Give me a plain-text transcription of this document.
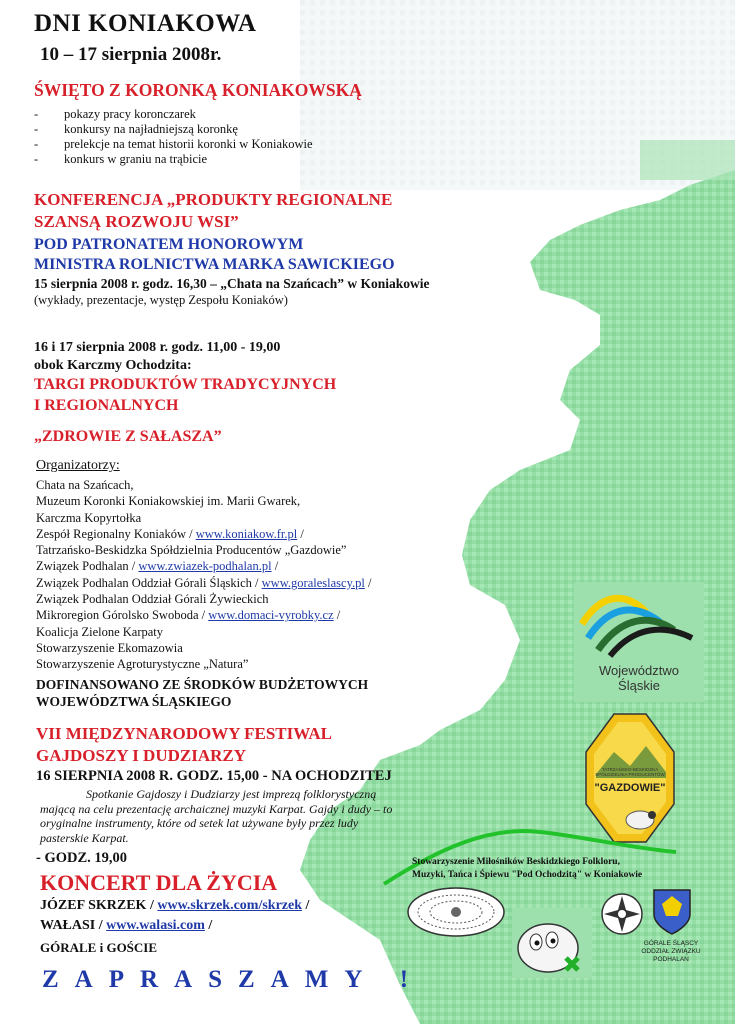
DNI KONIAKOWA
10 – 17 sierpnia 2008r.
ŚWIĘTO Z KORONKĄ KONIAKOWSKĄ
- pokazy pracy koronczarek
- konkursy na najładniejszą koronkę
- prelekcje na temat historii koronki w Koniakowie
- konkurs w graniu na trąbicie
KONFERENCJA „PRODUKTY REGIONALNE
SZANSĄ ROZWOJU WSI”
POD PATRONATEM HONOROWYM
MINISTRA ROLNICTWA MARKA SAWICKIEGO
15 sierpnia 2008 r. godz. 16,30 – „Chata na Szańcach” w Koniakowie
(wykłady, prezentacje, występ Zespołu Koniaków)
16 i 17 sierpnia 2008 r. godz. 11,00 - 19,00
obok Karczmy Ochodzita:
TARGI PRODUKTÓW TRADYCYJNYCH
I REGIONALNYCH
„ZDROWIE Z SAŁASZA”
Organizatorzy:
Chata na Szańcach,
Muzeum Koronki Koniakowskiej im. Marii Gwarek,
Karczma Kopyrtołka
Zespół Regionalny Koniaków / www.koniakow.fr.pl /
Tatrzańsko-Beskidzka Spółdzielnia Producentów „Gazdowie”
Związek Podhalan / www.zwiazek-podhalan.pl /
Związek Podhalan Oddział Górali Śląskich / www.goraleslascy.pl /
Związek Podhalan Oddział Górali Żywieckich
Mikroregion Górolsko Swoboda / www.domaci-vyrobky.cz /
Koalicja Zielone Karpaty
Stowarzyszenie Ekomazowia
Stowarzyszenie Agroturystyczne „Natura”
DOFINANSOWANO ZE ŚRODKÓW BUDŻETOWYCH
WOJEWÓDZTWA ŚLĄSKIEGO
VII MIĘDZYNARODOWY FESTIWAL
GAJDOSZY I DUDZIARZY
16 SIERPNIA 2008 R. GODZ. 15,00 - NA OCHODZITEJ
Spotkanie Gajdoszy i Dudziarzy jest imprezą folklorystyczną mającą na celu prezentację archaicznej muzyki Karpat. Gajdy i dudy – to oryginalne instrumenty, które od setek lat używane były przez ludy pasterskie Karpat.
- GODZ. 19,00
KONCERT DLA ŻYCIA
JÓZEF SKRZEK / www.skrzek.com/skrzek /
WAŁASI / www.walasi.com /
GÓRALE i GOŚCIE
ZAPRASZAMY !
Województwo
Śląskie
TATRZAŃSKO-BESKIDZKA SPÓŁDZIELNIA PRODUCENTÓW
"GAZDOWIE"
Stowarzyszenie Miłośników Beskidzkiego Folkloru,
Muzyki, Tańca i Śpiewu "Pod Ochodzitą" w Koniakowie
GÓRALE ŚLĄSCY
ODDZIAŁ ZWIĄZKU
PODHALAN
